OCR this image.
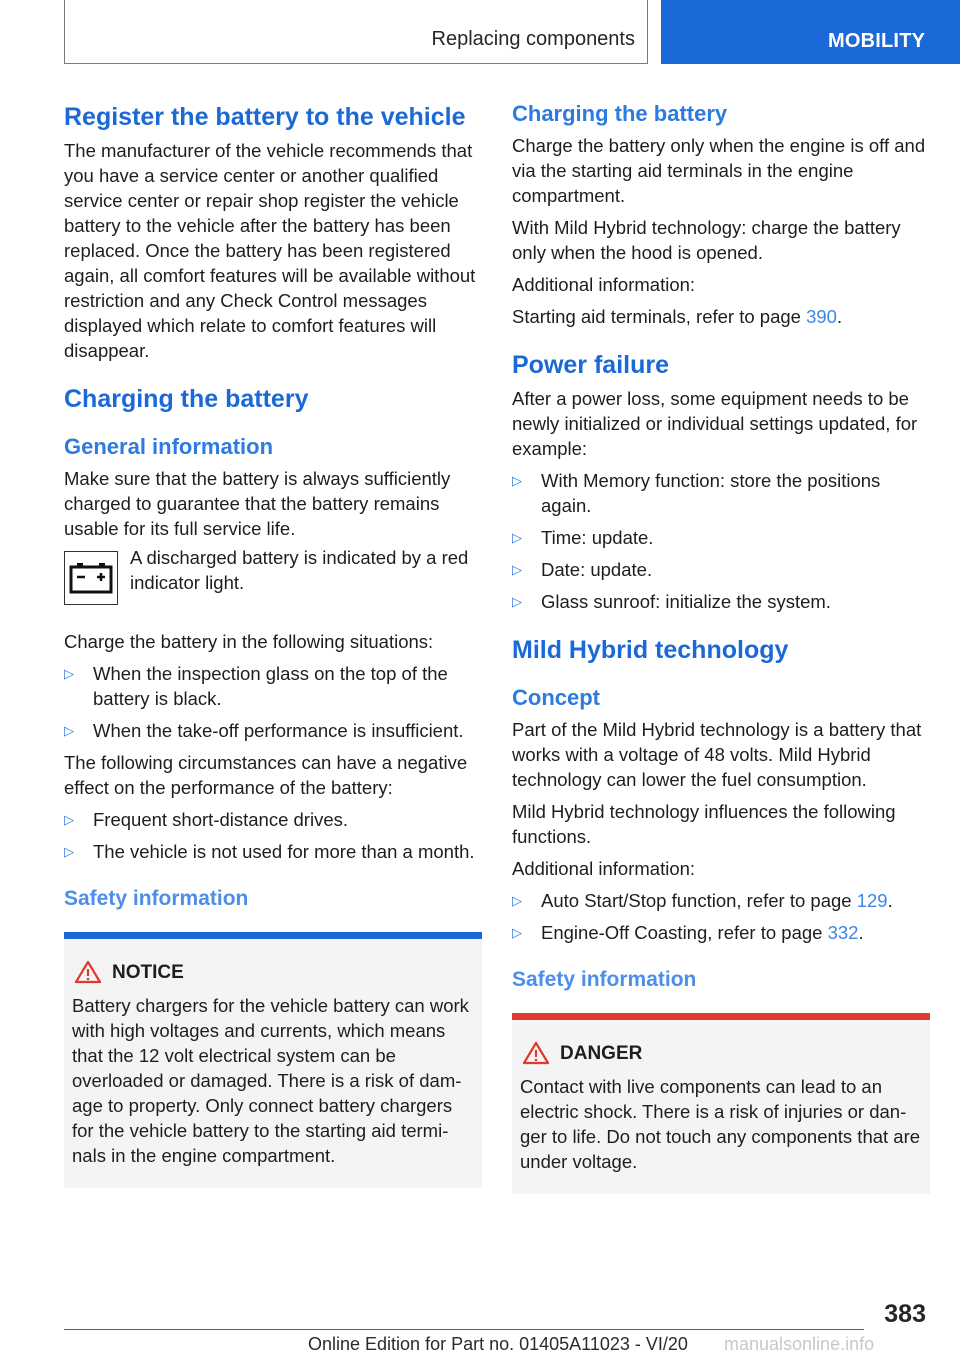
Replacing components	MOBILITY
Register the battery to the vehicle

The manufacturer of the vehicle recommends that you have a service center or another qualified service center or repair shop register the vehicle battery to the vehicle after the battery has been replaced. Once the battery has been registered again, all comfort features will be available without restriction and any Check Control messages displayed which relate to comfort features will disappear.

Charging the battery
General information

Make sure that the battery is always sufficiently charged to guarantee that the battery remains usable for its full service life.

A discharged battery is indicated by a red indicator light.

Charge the battery in the following situations:

▷ When the inspection glass on the top of the battery is black.
▷ When the take-off performance is insufficient.

The following circumstances can have a negative effect on the performance of the battery:

▷ Frequent short-distance drives.
▷ The vehicle is not used for more than a month.
Safety information
NOTICE

Battery chargers for the vehicle battery can work with high voltages and currents, which means that the 12 volt electrical system can be overloaded or damaged. There is a risk of damage to property. Only connect battery chargers for the vehicle battery to the starting aid terminals in the engine compartment.

Charging the battery

Charge the battery only when the engine is off and via the starting aid terminals in the engine compartment.

With Mild Hybrid technology: charge the battery only when the hood is opened.

Additional information:

Starting aid terminals, refer to page 390.

Power failure

After a power loss, some equipment needs to be newly initialized or individual settings updated, for example:

▷ With Memory function: store the positions again.
▷ Time: update.
▷ Date: update.
▷ Glass sunroof: initialize the system.
Mild Hybrid technology
Concept

Part of the Mild Hybrid technology is a battery that works with a voltage of 48 volts. Mild Hybrid technology can lower the fuel consumption.

Mild Hybrid technology influences the following functions.

Additional information:

▷ Auto Start/Stop function, refer to page 129.
▷ Engine-Off Coasting, refer to page 332.
Safety information
DANGER

Contact with live components can lead to an electric shock. There is a risk of injuries or danger to life. Do not touch any components that are under voltage.

383
Online Edition for Part no. 01405A11023 - VI/20 manualsonline.info
